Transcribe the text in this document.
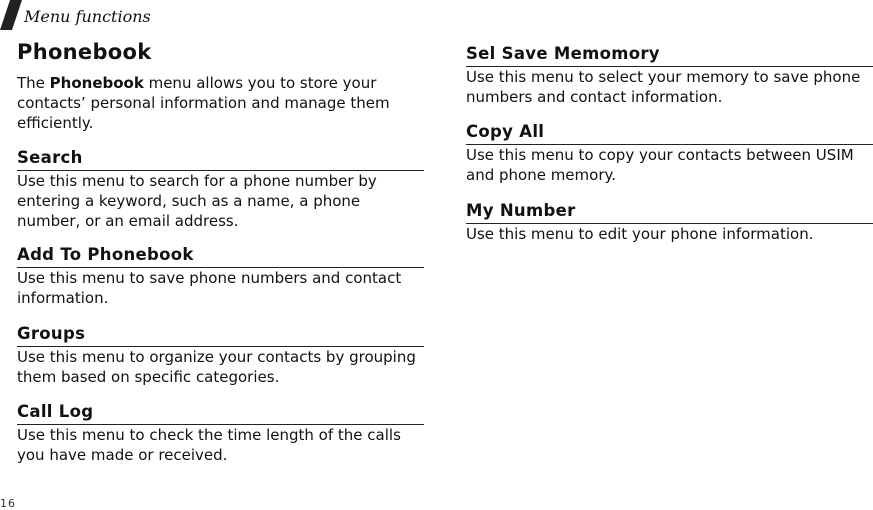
Menu functions
Phonebook
The Phonebook menu allows you to store your contacts’ personal information and manage them efficiently.
Search
Use this menu to search for a phone number by entering a keyword, such as a name, a phone number, or an email address.
Add To Phonebook
Use this menu to save phone numbers and contact information.
Groups
Use this menu to organize your contacts by grouping them based on specific categories.
Call Log
Use this menu to check the time length of the calls you have made or received.
Sel Save Memomory
Use this menu to select your memory to save phone numbers and contact information.
Copy All
Use this menu to copy your contacts between USIM and phone memory.
My Number
Use this menu to edit your phone information.
16
